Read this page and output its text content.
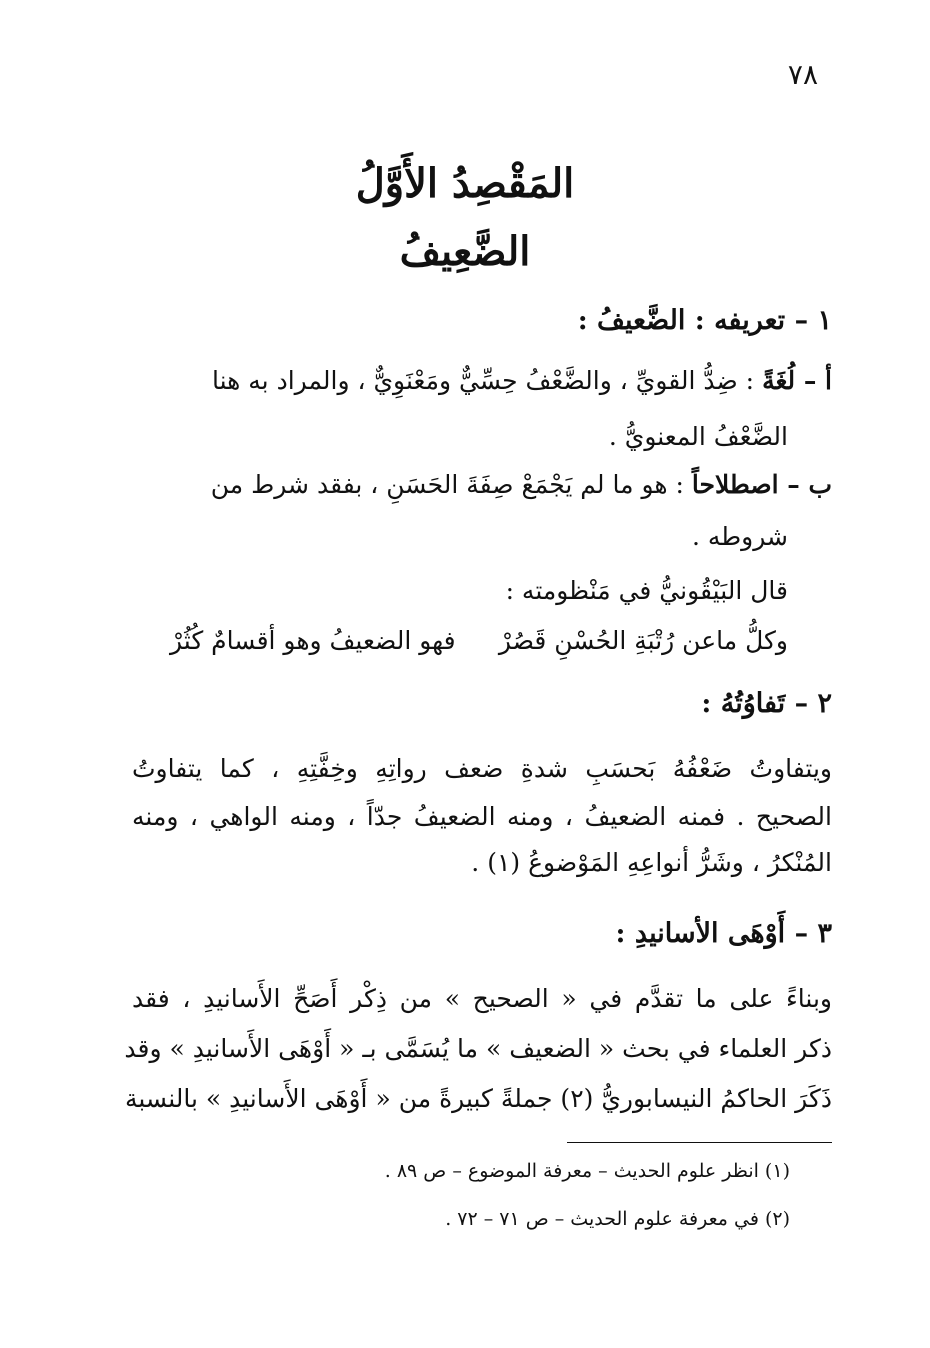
٧٨
المَقْصِدُ الأَوَّلُ
الضَّعِيفُ
١ – تعريفه : الضَّعيفُ :
أ – لُغَةً : ضِدُّ القويِّ ، والضَّعْفُ حِسِّيٌّ ومَعْنَوِيٌّ ، والمراد به هنا
الضَّعْفُ المعنويُّ .
ب – اصطلاحاً : هو ما لم يَجْمَعْ صِفَةَ الحَسَنِ ، بفقد شرط من
شروطه .
قال البَيْقُونيُّ في مَنْظومته :
وكلُّ ماعن رُتْبَةِ الحُسْنِ قَصُرْ
فهو الضعيفُ وهو أقسامٌ كُثُرْ
٢ – تَفاوُتُهُ :
ويتفاوتُ ضَعْفُهُ بَحسَبِ شدةِ ضعف رواتِهِ وخِفَّتِهِ ، كما يتفاوتُ
الصحيح . فمنه الضعيفُ ، ومنه الضعيفُ جدّاً ، ومنه الواهي ، ومنه
المُنْكرُ ، وشَرُّ أنواعِهِ المَوْضوعُ (١) .
٣ – أَوْهَى الأسانيدِ :
وبناءً على ما تقدَّم في « الصحيح » من ذِكْر أَصَحِّ الأَسانيدِ ، فقد
ذكر العلماء في بحث « الضعيف » ما يُسَمَّى بـ « أَوْهَى الأَسانيدِ » وقد
ذَكَرَ الحاكمُ النيسابوريُّ (٢) جملةً كبيرةً من « أَوْهَى الأَسانيدِ » بالنسبة
(١) انظر علوم الحديث – معرفة الموضوع – ص ٨٩ .
(٢) في معرفة علوم الحديث – ص ٧١ – ٧٢ .
